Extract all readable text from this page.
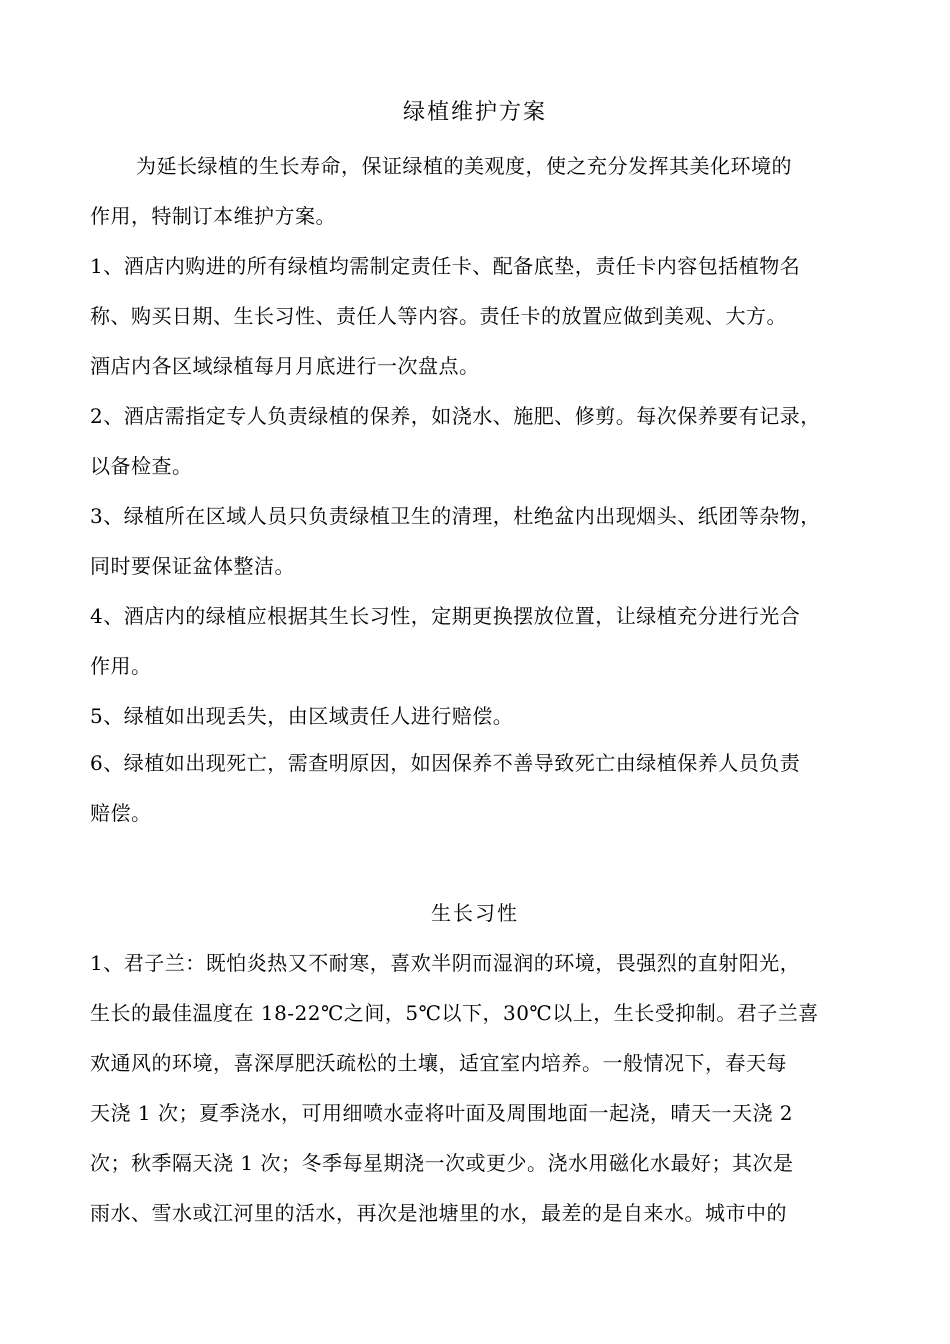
绿植维护方案
为延长绿植的生长寿命，保证绿植的美观度，使之充分发挥其美化环境的
作用，特制订本维护方案。
1、酒店内购进的所有绿植均需制定责任卡、配备底垫，责任卡内容包括植物名
称、购买日期、生长习性、责任人等内容。责任卡的放置应做到美观、大方。
酒店内各区域绿植每月月底进行一次盘点。
2、酒店需指定专人负责绿植的保养，如浇水、施肥、修剪。每次保养要有记录，
以备检查。
3、绿植所在区域人员只负责绿植卫生的清理，杜绝盆内出现烟头、纸团等杂物，
同时要保证盆体整洁。
4、酒店内的绿植应根据其生长习性，定期更换摆放位置，让绿植充分进行光合
作用。
5、绿植如出现丢失，由区域责任人进行赔偿。
6、绿植如出现死亡，需查明原因，如因保养不善导致死亡由绿植保养人员负责
赔偿。
生长习性
1、君子兰：既怕炎热又不耐寒，喜欢半阴而湿润的环境，畏强烈的直射阳光，
生长的最佳温度在 18-22℃之间，5℃以下，30℃以上，生长受抑制。君子兰喜
欢通风的环境，喜深厚肥沃疏松的土壤，适宜室内培养。一般情况下，春天每
天浇 1 次；夏季浇水，可用细喷水壶将叶面及周围地面一起浇，晴天一天浇 2
次；秋季隔天浇 1 次；冬季每星期浇一次或更少。浇水用磁化水最好；其次是
雨水、雪水或江河里的活水，再次是池塘里的水，最差的是自来水。城市中的
